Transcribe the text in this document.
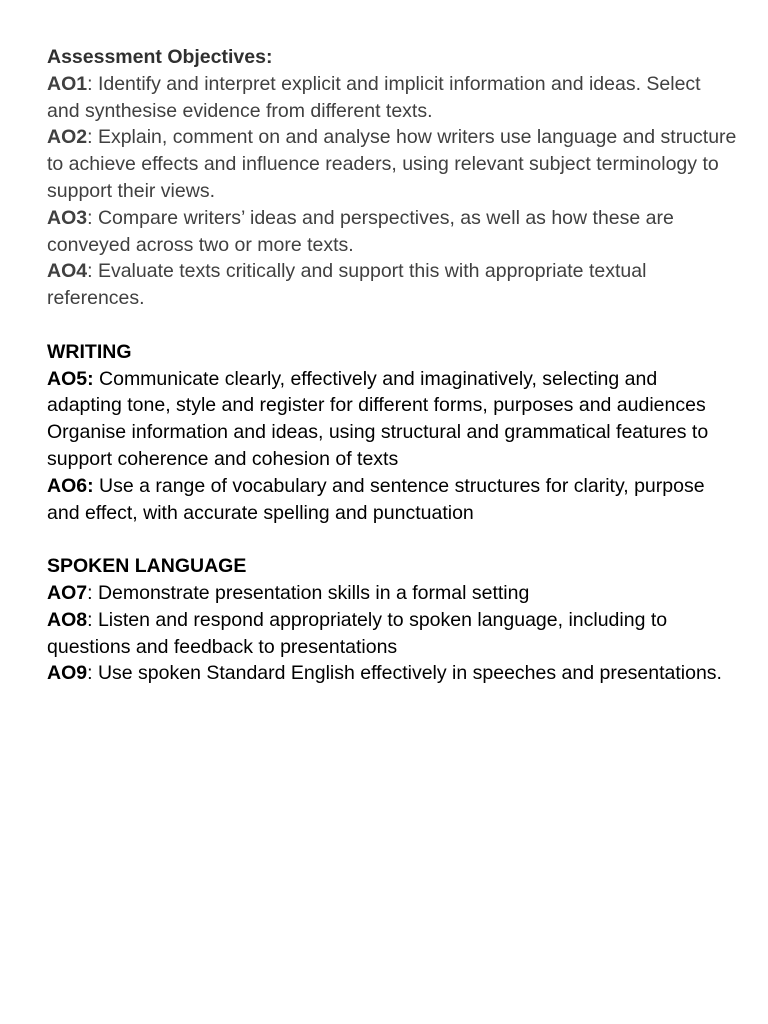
Assessment Objectives:

AO1: Identify and interpret explicit and implicit information and ideas. Select and synthesise evidence from different texts.

AO2: Explain, comment on and analyse how writers use language and structure to achieve effects and influence readers, using relevant subject terminology to support their views.

AO3: Compare writers’ ideas and perspectives, as well as how these are conveyed across two or more texts.

AO4: Evaluate texts critically and support this with appropriate textual references.

WRITING

AO5: Communicate clearly, effectively and imaginatively, selecting and adapting tone, style and register for different forms, purposes and audiences

Organise information and ideas, using structural and grammatical features to support coherence and cohesion of texts

AO6: Use a range of vocabulary and sentence structures for clarity, purpose and effect, with accurate spelling and punctuation

SPOKEN LANGUAGE

AO7: Demonstrate presentation skills in a formal setting

AO8: Listen and respond appropriately to spoken language, including to questions and feedback to presentations

AO9: Use spoken Standard English effectively in speeches and presentations.
